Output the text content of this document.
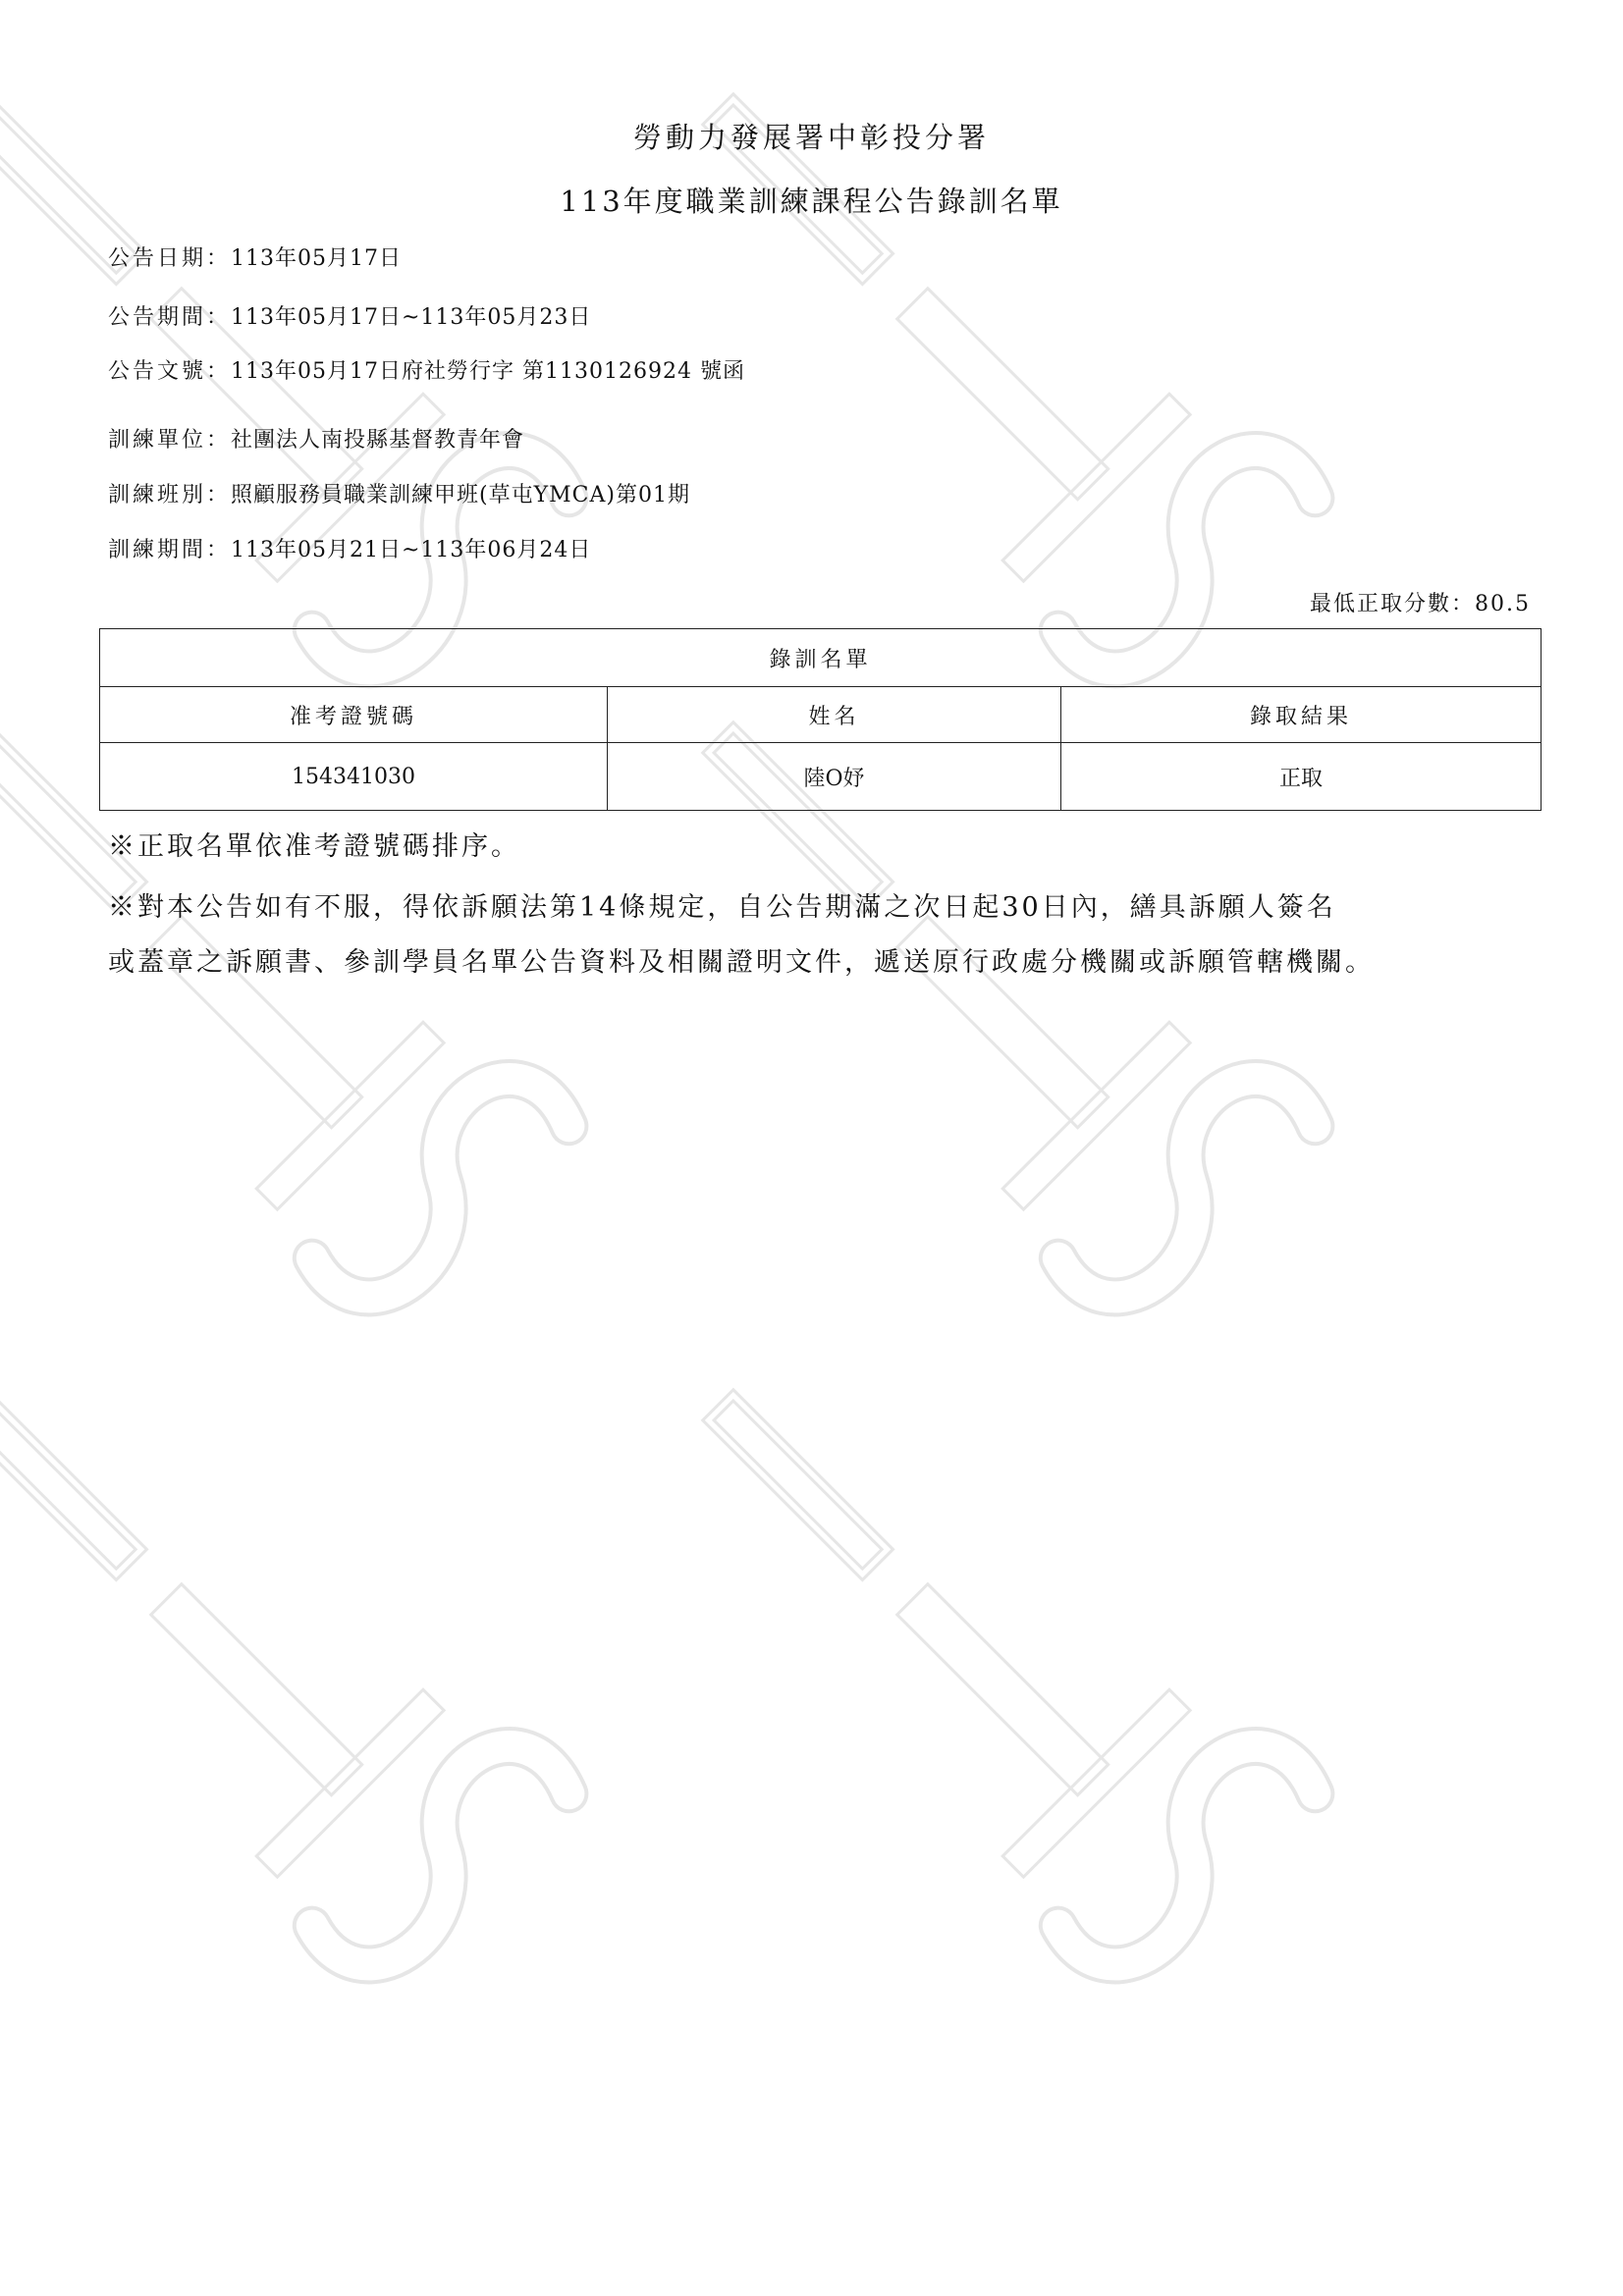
勞動力發展署中彰投分署
113年度職業訓練課程公告錄訓名單
公告日期：113年05月17日
公告期間：113年05月17日~113年05月23日
公告文號：113年05月17日府社勞行字 第1130126924 號函
訓練單位：社團法人南投縣基督教青年會
訓練班別：照顧服務員職業訓練甲班(草屯YMCA)第01期
訓練期間：113年05月21日~113年06月24日
最低正取分數：80.5
錄訓名單		
准考證號碼	姓名	錄取結果
154341030	陸O妤	正取
※正取名單依准考證號碼排序。
※對本公告如有不服，得依訴願法第14條規定，自公告期滿之次日起30日內，繕具訴願人簽名
或蓋章之訴願書、參訓學員名單公告資料及相關證明文件，遞送原行政處分機關或訴願管轄機關。
